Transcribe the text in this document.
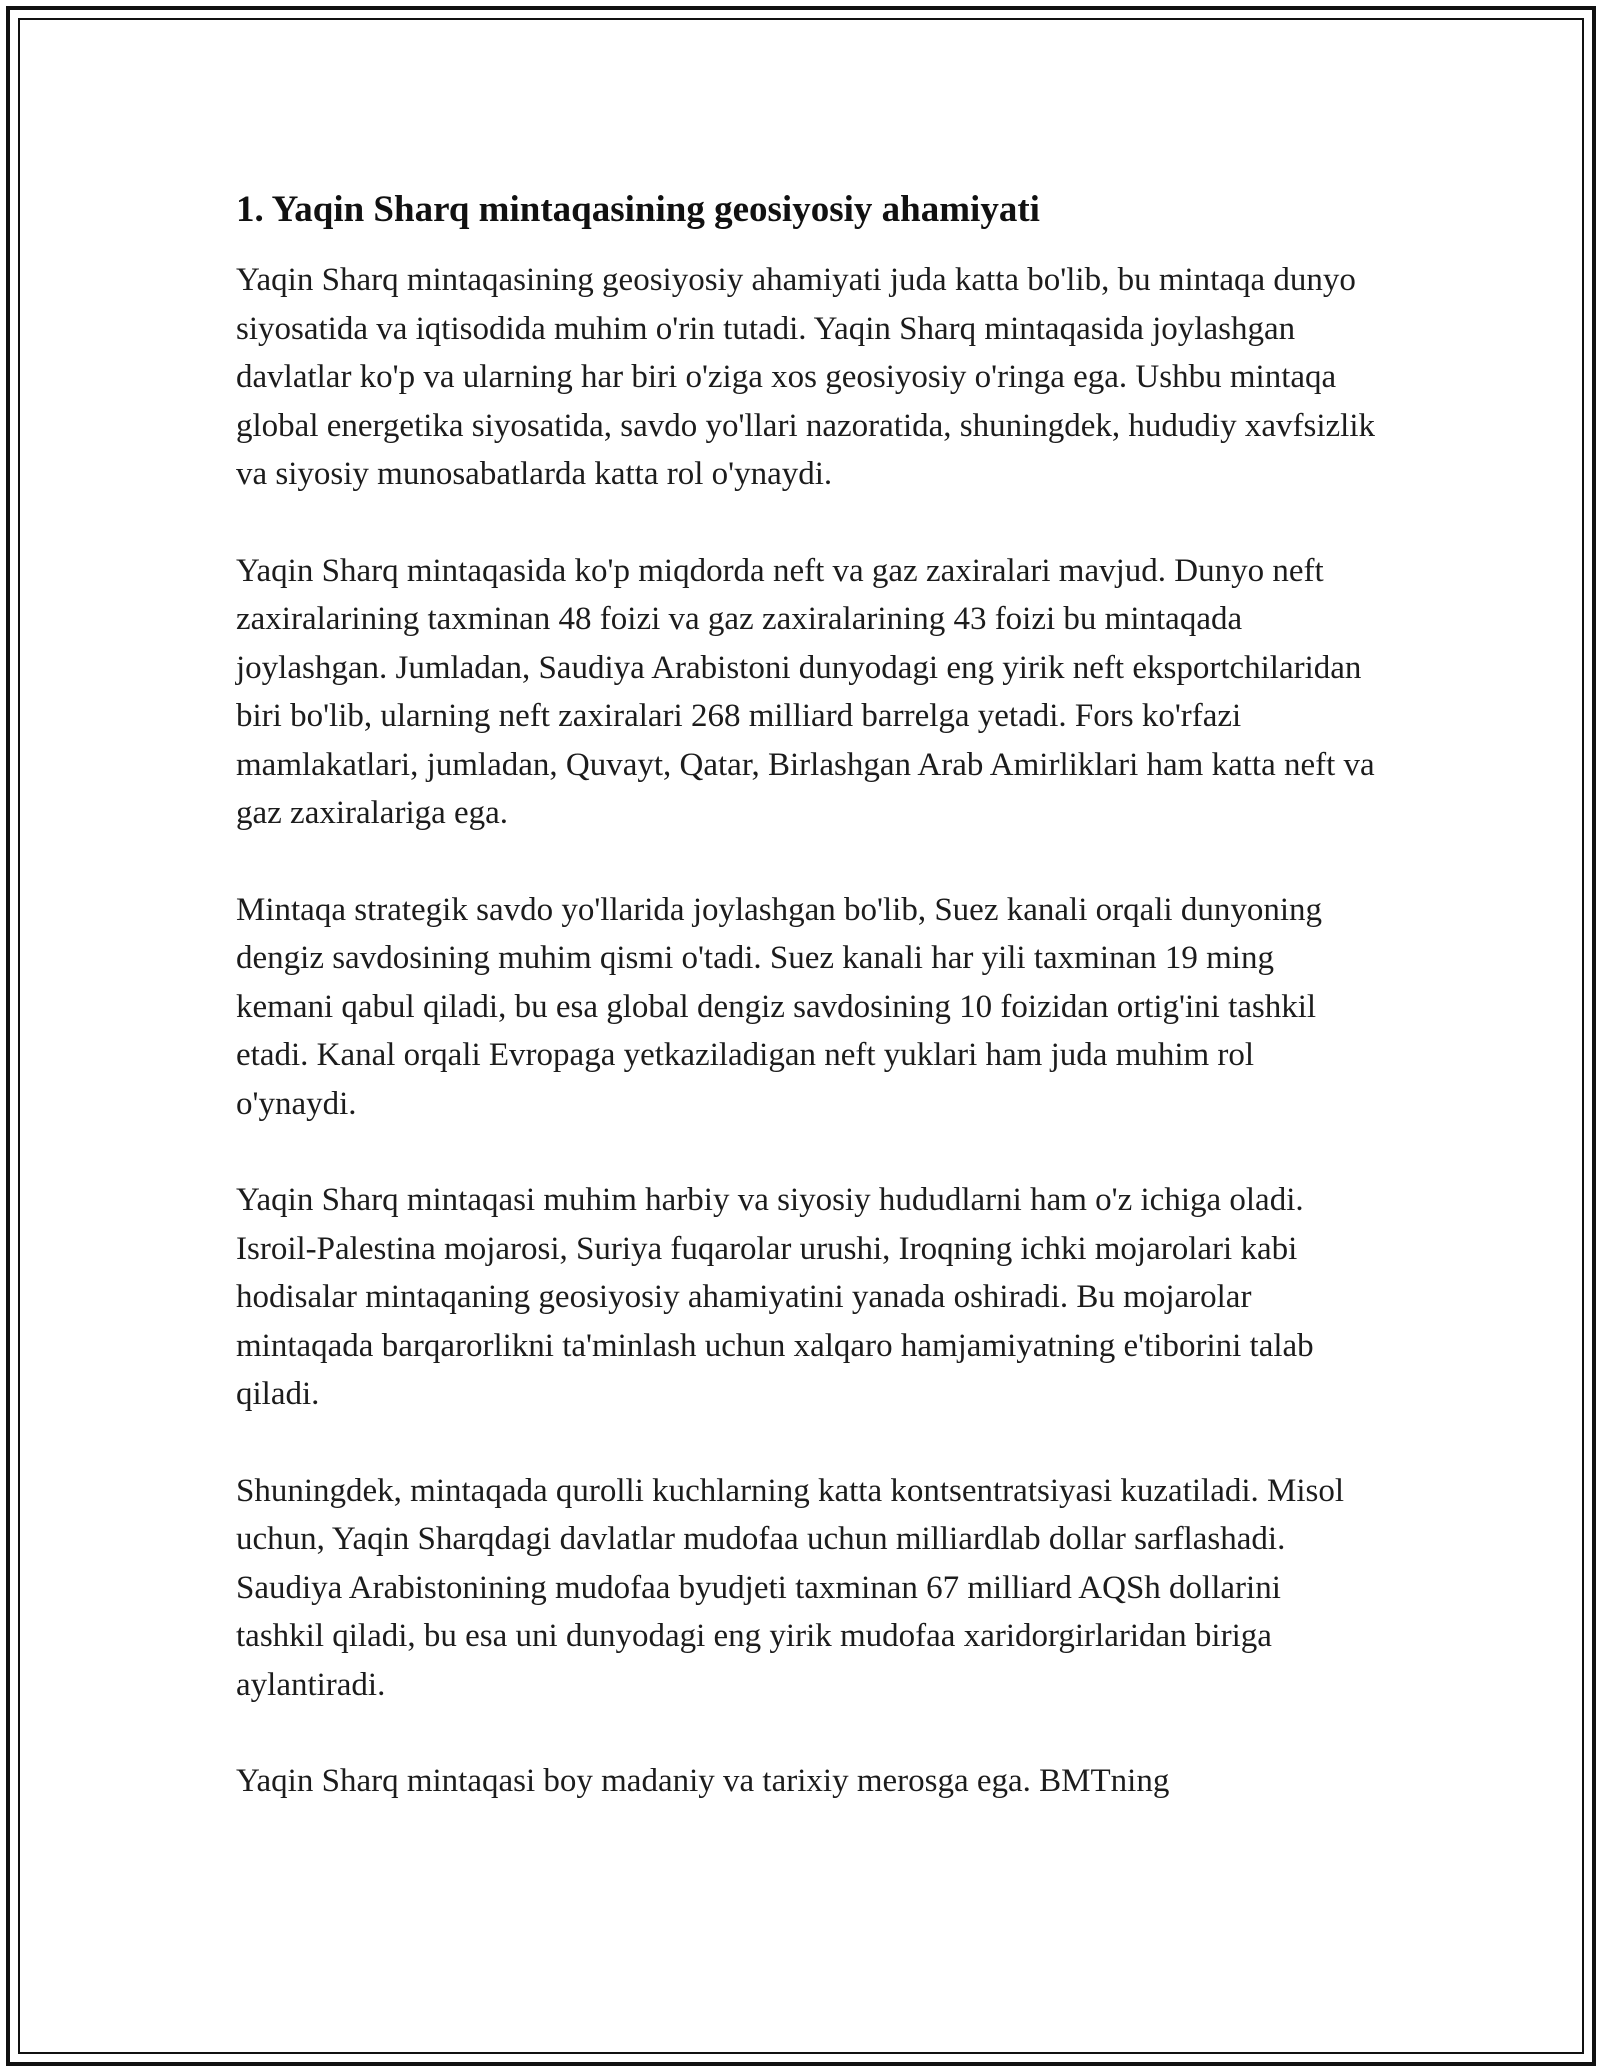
1. Yaqin Sharq mintaqasining geosiyosiy ahamiyati

Yaqin Sharq mintaqasining geosiyosiy ahamiyati juda katta bo'lib, bu mintaqa dunyo siyosatida va iqtisodida muhim o'rin tutadi. Yaqin Sharq mintaqasida joylashgan davlatlar ko'p va ularning har biri o'ziga xos geosiyosiy o'ringa ega. Ushbu mintaqa global energetika siyosatida, savdo yo'llari nazoratida, shuningdek, hududiy xavfsizlik va siyosiy munosabatlarda katta rol o'ynaydi.

Yaqin Sharq mintaqasida ko'p miqdorda neft va gaz zaxiralari mavjud. Dunyo neft zaxiralarining taxminan 48 foizi va gaz zaxiralarining 43 foizi bu mintaqada joylashgan. Jumladan, Saudiya Arabistoni dunyodagi eng yirik neft eksportchilaridan biri bo'lib, ularning neft zaxiralari 268 milliard barrelga yetadi. Fors ko'rfazi mamlakatlari, jumladan, Quvayt, Qatar, Birlashgan Arab Amirliklari ham katta neft va gaz zaxiralariga ega.

Mintaqa strategik savdo yo'llarida joylashgan bo'lib, Suez kanali orqali dunyoning dengiz savdosining muhim qismi o'tadi. Suez kanali har yili taxminan 19 ming kemani qabul qiladi, bu esa global dengiz savdosining 10 foizidan ortig'ini tashkil etadi. Kanal orqali Evropaga yetkaziladigan neft yuklari ham juda muhim rol o'ynaydi.

Yaqin Sharq mintaqasi muhim harbiy va siyosiy hududlarni ham o'z ichiga oladi. Isroil-Palestina mojarosi, Suriya fuqarolar urushi, Iroqning ichki mojarolari kabi hodisalar mintaqaning geosiyosiy ahamiyatini yanada oshiradi. Bu mojarolar mintaqada barqarorlikni ta'minlash uchun xalqaro hamjamiyatning e'tiborini talab qiladi.

Shuningdek, mintaqada qurolli kuchlarning katta kontsentratsiyasi kuzatiladi. Misol uchun, Yaqin Sharqdagi davlatlar mudofaa uchun milliardlab dollar sarflashadi. Saudiya Arabistonining mudofaa byudjeti taxminan 67 milliard AQSh dollarini tashkil qiladi, bu esa uni dunyodagi eng yirik mudofaa xaridorgirlaridan biriga aylantiradi.

Yaqin Sharq mintaqasi boy madaniy va tarixiy merosga ega. BMTning
